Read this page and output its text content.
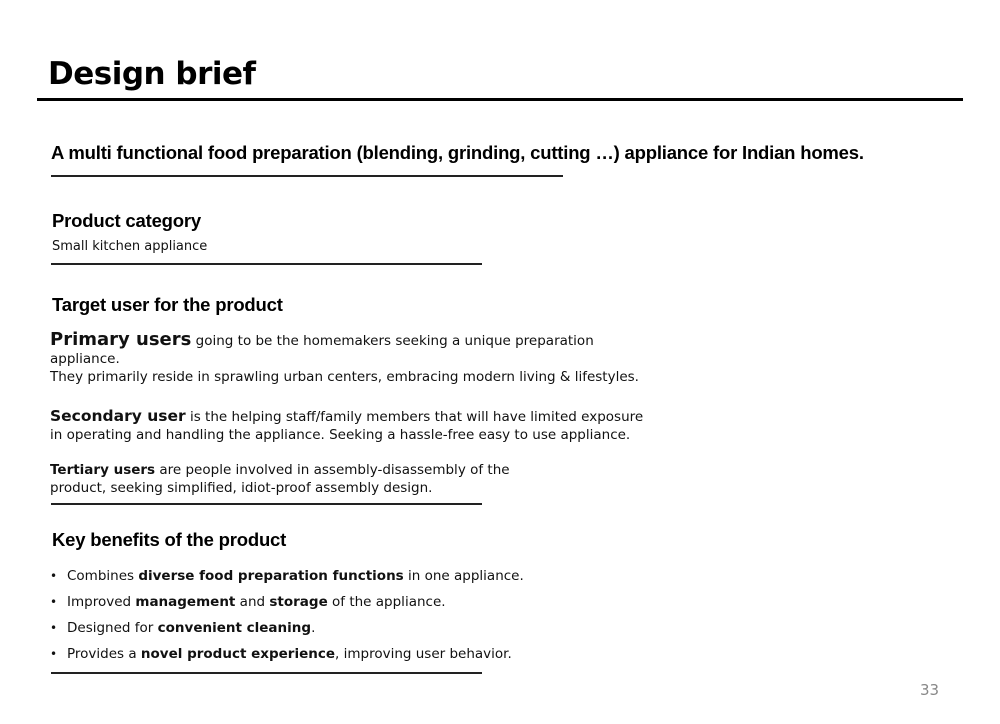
Design brief

A multi functional food preparation (blending, grinding, cutting …) appliance for Indian homes.

Product category

Small kitchen appliance

Target user for the product

Primary users going to be the homemakers seeking a unique preparation appliance.
They primarily reside in sprawling urban centers, embracing modern living & lifestyles.

Secondary user is the helping staff/family members that will have limited exposure in operating and handling the appliance. Seeking a hassle-free easy to use appliance.

Tertiary users are people involved in assembly-disassembly of the product, seeking simplified, idiot-proof assembly design.

Key benefits of the product
• Combines diverse food preparation functions in one appliance.
• Improved management and storage of the appliance.
• Designed for convenient cleaning.
• Provides a novel product experience, improving user behavior.
33
